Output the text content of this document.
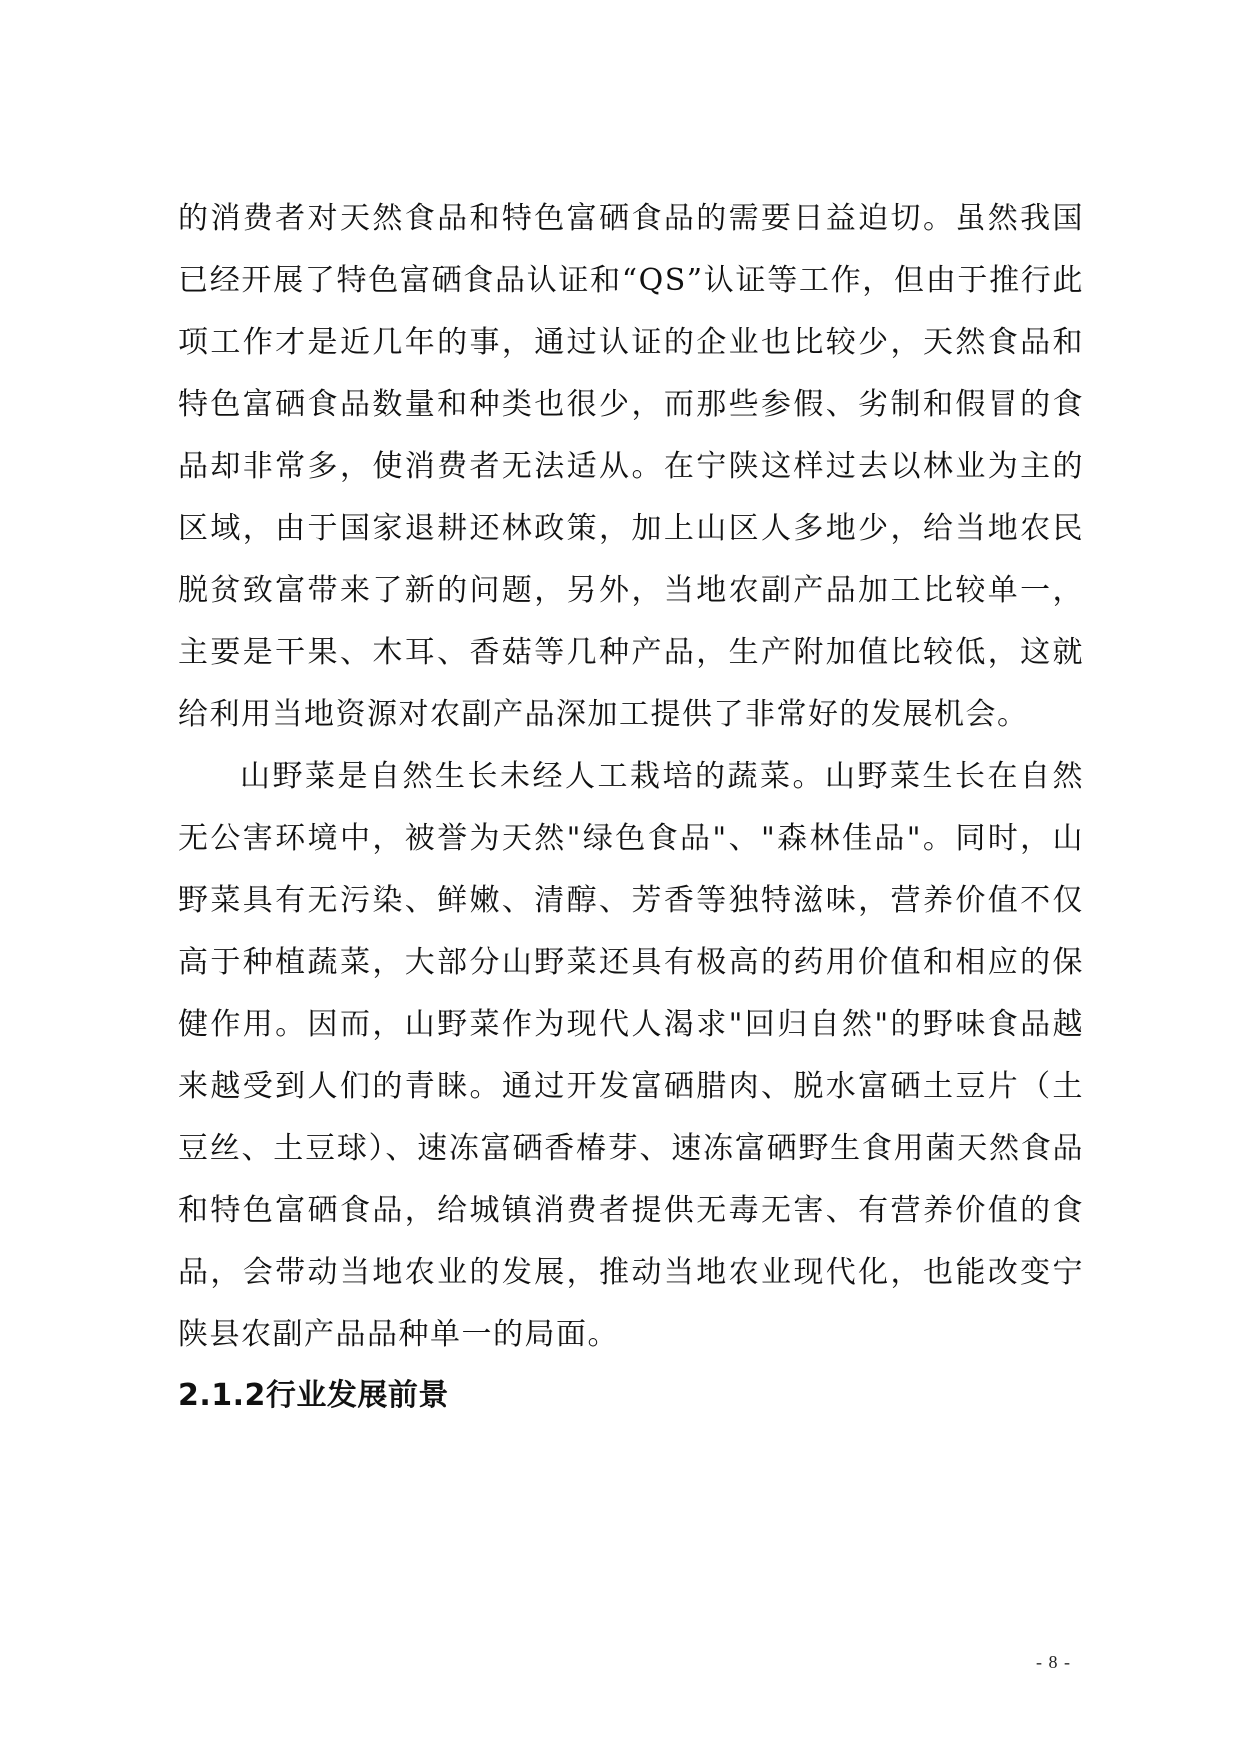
的消费者对天然食品和特色富硒食品的需要日益迫切。虽然我国已经开展了特色富硒食品认证和“QS”认证等工作，但由于推行此项工作才是近几年的事，通过认证的企业也比较少，天然食品和特色富硒食品数量和种类也很少，而那些参假、劣制和假冒的食品却非常多，使消费者无法适从。在宁陕这样过去以林业为主的区域，由于国家退耕还林政策，加上山区人多地少，给当地农民脱贫致富带来了新的问题，另外，当地农副产品加工比较单一，主要是干果、木耳、香菇等几种产品，生产附加值比较低，这就给利用当地资源对农副产品深加工提供了非常好的发展机会。

山野菜是自然生长未经人工栽培的蔬菜。山野菜生长在自然无公害环境中，被誉为天然"绿色食品"、"森林佳品"。同时，山野菜具有无污染、鲜嫩、清醇、芳香等独特滋味，营养价值不仅高于种植蔬菜，大部分山野菜还具有极高的药用价值和相应的保健作用。因而，山野菜作为现代人渴求"回归自然"的野味食品越来越受到人们的青睐。通过开发富硒腊肉、脱水富硒土豆片（土豆丝、土豆球）、速冻富硒香椿芽、速冻富硒野生食用菌天然食品和特色富硒食品，给城镇消费者提供无毒无害、有营养价值的食品，会带动当地农业的发展，推动当地农业现代化，也能改变宁陕县农副产品品种单一的局面。

2.1.2行业发展前景
- 8 -
